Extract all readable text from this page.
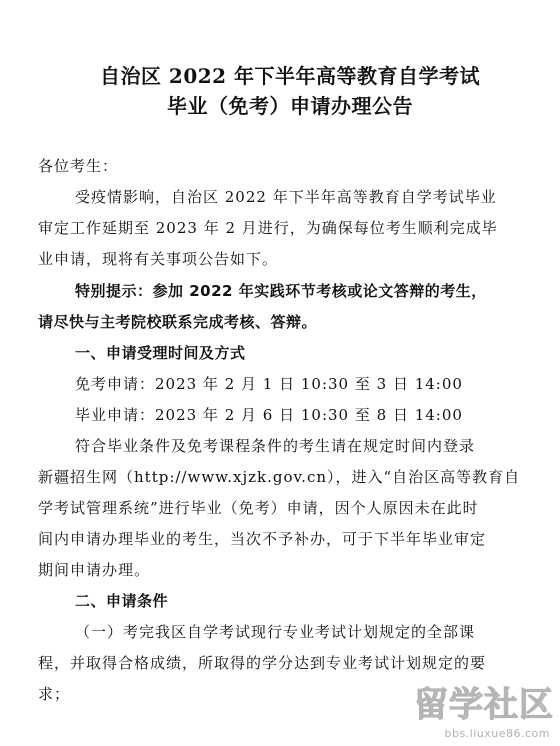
自治区 2022 年下半年高等教育自学考试
毕业（免考）申请办理公告
各位考生：
受疫情影响，自治区 2022 年下半年高等教育自学考试毕业
审定工作延期至 2023 年 2 月进行，为确保每位考生顺利完成毕
业申请，现将有关事项公告如下。
特别提示：参加 2022 年实践环节考核或论文答辩的考生，
请尽快与主考院校联系完成考核、答辩。
一、申请受理时间及方式
免考申请：2023 年 2 月 1 日 10:30 至 3 日 14:00
毕业申请：2023 年 2 月 6 日 10:30 至 8 日 14:00
符合毕业条件及免考课程条件的考生请在规定时间内登录
新疆招生网（http://www.xjzk.gov.cn），进入“自治区高等教育自
学考试管理系统”进行毕业（免考）申请，因个人原因未在此时
间内申请办理毕业的考生，当次不予补办，可于下半年毕业审定
期间申请办理。
二、申请条件
（一）考完我区自学考试现行专业考试计划规定的全部课
程，并取得合格成绩，所取得的学分达到专业考试计划规定的要
求；	留学社区
bbs.liuxue86.com
